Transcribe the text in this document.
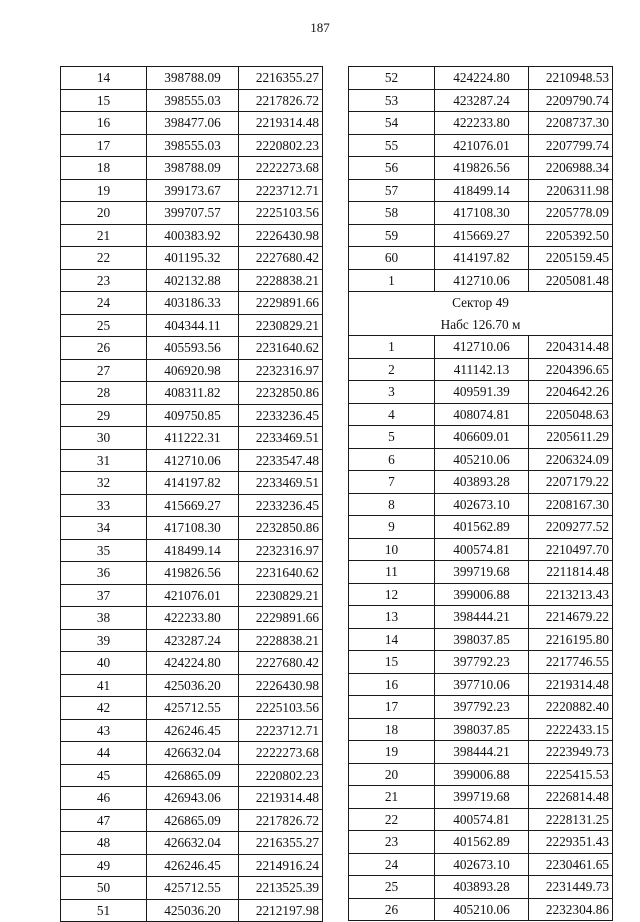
187
14	398788.09	2216355.27
15	398555.03	2217826.72
16	398477.06	2219314.48
17	398555.03	2220802.23
18	398788.09	2222273.68
19	399173.67	2223712.71
20	399707.57	2225103.56
21	400383.92	2226430.98
22	401195.32	2227680.42
23	402132.88	2228838.21
24	403186.33	2229891.66
25	404344.11	2230829.21
26	405593.56	2231640.62
27	406920.98	2232316.97
28	408311.82	2232850.86
29	409750.85	2233236.45
30	411222.31	2233469.51
31	412710.06	2233547.48
32	414197.82	2233469.51
33	415669.27	2233236.45
34	417108.30	2232850.86
35	418499.14	2232316.97
36	419826.56	2231640.62
37	421076.01	2230829.21
38	422233.80	2229891.66
39	423287.24	2228838.21
40	424224.80	2227680.42
41	425036.20	2226430.98
42	425712.55	2225103.56
43	426246.45	2223712.71
44	426632.04	2222273.68
45	426865.09	2220802.23
46	426943.06	2219314.48
47	426865.09	2217826.72
48	426632.04	2216355.27
49	426246.45	2214916.24
50	425712.55	2213525.39
51	425036.20	2212197.98
52	424224.80	2210948.53
53	423287.24	2209790.74
54	422233.80	2208737.30
55	421076.01	2207799.74
56	419826.56	2206988.34
57	418499.14	2206311.98
58	417108.30	2205778.09
59	415669.27	2205392.50
60	414197.82	2205159.45
1	412710.06	2205081.48
Сектор 49		
Набс 126.70 м		
1	412710.06	2204314.48
2	411142.13	2204396.65
3	409591.39	2204642.26
4	408074.81	2205048.63
5	406609.01	2205611.29
6	405210.06	2206324.09
7	403893.28	2207179.22
8	402673.10	2208167.30
9	401562.89	2209277.52
10	400574.81	2210497.70
11	399719.68	2211814.48
12	399006.88	2213213.43
13	398444.21	2214679.22
14	398037.85	2216195.80
15	397792.23	2217746.55
16	397710.06	2219314.48
17	397792.23	2220882.40
18	398037.85	2222433.15
19	398444.21	2223949.73
20	399006.88	2225415.53
21	399719.68	2226814.48
22	400574.81	2228131.25
23	401562.89	2229351.43
24	402673.10	2230461.65
25	403893.28	2231449.73
26	405210.06	2232304.86
